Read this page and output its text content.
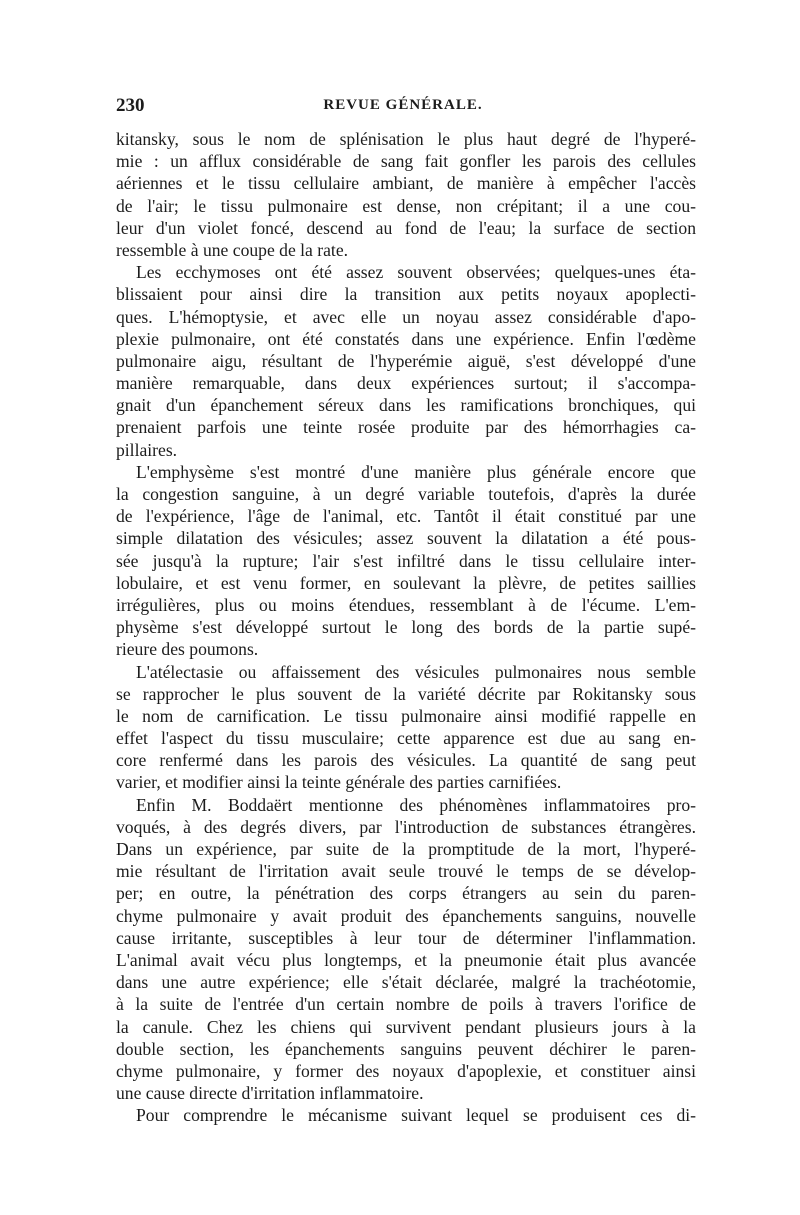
230	REVUE GÉNÉRALE.
kitansky, sous le nom de splénisation le plus haut degré de l'hyperé-
mie : un afflux considérable de sang fait gonfler les parois des cellules
aériennes et le tissu cellulaire ambiant, de manière à empêcher l'accès
de l'air; le tissu pulmonaire est dense, non crépitant; il a une cou-
leur d'un violet foncé, descend au fond de l'eau; la surface de section
ressemble à une coupe de la rate.
Les ecchymoses ont été assez souvent observées; quelques-unes éta-
blissaient pour ainsi dire la transition aux petits noyaux apoplecti-
ques. L'hémoptysie, et avec elle un noyau assez considérable d'apo-
plexie pulmonaire, ont été constatés dans une expérience. Enfin l'œdème
pulmonaire aigu, résultant de l'hyperémie aiguë, s'est développé d'une
manière remarquable, dans deux expériences surtout; il s'accompa-
gnait d'un épanchement séreux dans les ramifications bronchiques, qui
prenaient parfois une teinte rosée produite par des hémorrhagies ca-
pillaires.
L'emphysème s'est montré d'une manière plus générale encore que
la congestion sanguine, à un degré variable toutefois, d'après la durée
de l'expérience, l'âge de l'animal, etc. Tantôt il était constitué par une
simple dilatation des vésicules; assez souvent la dilatation a été pous-
sée jusqu'à la rupture; l'air s'est infiltré dans le tissu cellulaire inter-
lobulaire, et est venu former, en soulevant la plèvre, de petites saillies
irrégulières, plus ou moins étendues, ressemblant à de l'écume. L'em-
physème s'est développé surtout le long des bords de la partie supé-
rieure des poumons.
L'atélectasie ou affaissement des vésicules pulmonaires nous semble
se rapprocher le plus souvent de la variété décrite par Rokitansky sous
le nom de carnification. Le tissu pulmonaire ainsi modifié rappelle en
effet l'aspect du tissu musculaire; cette apparence est due au sang en-
core renfermé dans les parois des vésicules. La quantité de sang peut
varier, et modifier ainsi la teinte générale des parties carnifiées.
Enfin M. Boddaërt mentionne des phénomènes inflammatoires pro-
voqués, à des degrés divers, par l'introduction de substances étrangères.
Dans un expérience, par suite de la promptitude de la mort, l'hyperé-
mie résultant de l'irritation avait seule trouvé le temps de se dévelop-
per; en outre, la pénétration des corps étrangers au sein du paren-
chyme pulmonaire y avait produit des épanchements sanguins, nouvelle
cause irritante, susceptibles à leur tour de déterminer l'inflammation.
L'animal avait vécu plus longtemps, et la pneumonie était plus avancée
dans une autre expérience; elle s'était déclarée, malgré la trachéotomie,
à la suite de l'entrée d'un certain nombre de poils à travers l'orifice de
la canule. Chez les chiens qui survivent pendant plusieurs jours à la
double section, les épanchements sanguins peuvent déchirer le paren-
chyme pulmonaire, y former des noyaux d'apoplexie, et constituer ainsi
une cause directe d'irritation inflammatoire.
Pour comprendre le mécanisme suivant lequel se produisent ces di-
